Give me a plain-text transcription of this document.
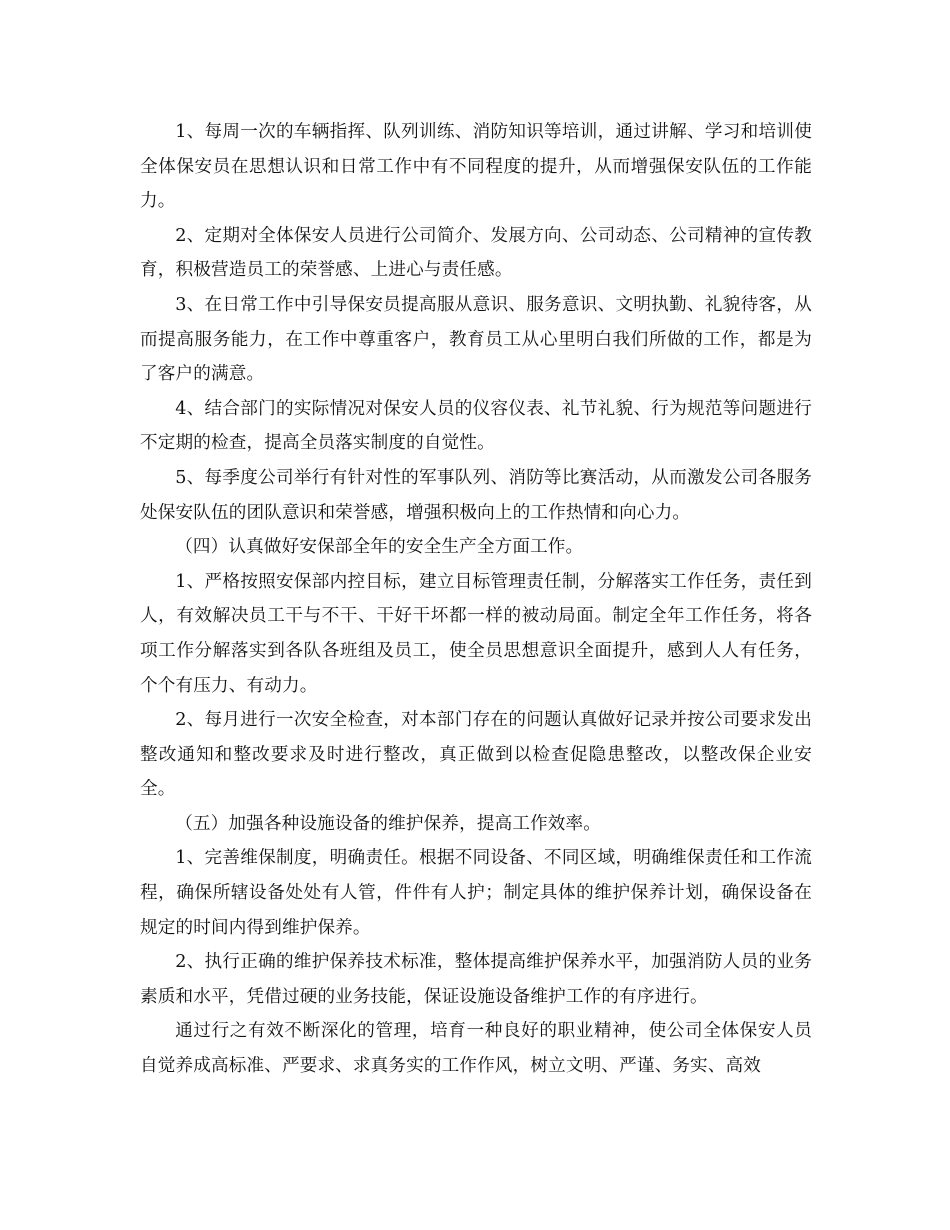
1、每周一次的车辆指挥、队列训练、消防知识等培训，通过讲解、学习和培训使全体保安员在思想认识和日常工作中有不同程度的提升，从而增强保安队伍的工作能力。

2、定期对全体保安人员进行公司简介、发展方向、公司动态、公司精神的宣传教育，积极营造员工的荣誉感、上进心与责任感。

3、在日常工作中引导保安员提高服从意识、服务意识、文明执勤、礼貌待客，从而提高服务能力，在工作中尊重客户，教育员工从心里明白我们所做的工作，都是为了客户的满意。

4、结合部门的实际情况对保安人员的仪容仪表、礼节礼貌、行为规范等问题进行不定期的检查，提高全员落实制度的自觉性。

5、每季度公司举行有针对性的军事队列、消防等比赛活动，从而激发公司各服务处保安队伍的团队意识和荣誉感，增强积极向上的工作热情和向心力。

（四）认真做好安保部全年的安全生产全方面工作。

1、严格按照安保部内控目标，建立目标管理责任制，分解落实工作任务，责任到人，有效解决员工干与不干、干好干坏都一样的被动局面。制定全年工作任务，将各项工作分解落实到各队各班组及员工，使全员思想意识全面提升，感到人人有任务，个个有压力、有动力。

2、每月进行一次安全检查，对本部门存在的问题认真做好记录并按公司要求发出整改通知和整改要求及时进行整改，真正做到以检查促隐患整改，以整改保企业安全。

（五）加强各种设施设备的维护保养，提高工作效率。

1、完善维保制度，明确责任。根据不同设备、不同区域，明确维保责任和工作流程，确保所辖设备处处有人管，件件有人护；制定具体的维护保养计划，确保设备在规定的时间内得到维护保养。

2、执行正确的维护保养技术标准，整体提高维护保养水平，加强消防人员的业务素质和水平，凭借过硬的业务技能，保证设施设备维护工作的有序进行。

通过行之有效不断深化的管理，培育一种良好的职业精神，使公司全体保安人员自觉养成高标准、严要求、求真务实的工作作风，树立文明、严谨、务实、高效
